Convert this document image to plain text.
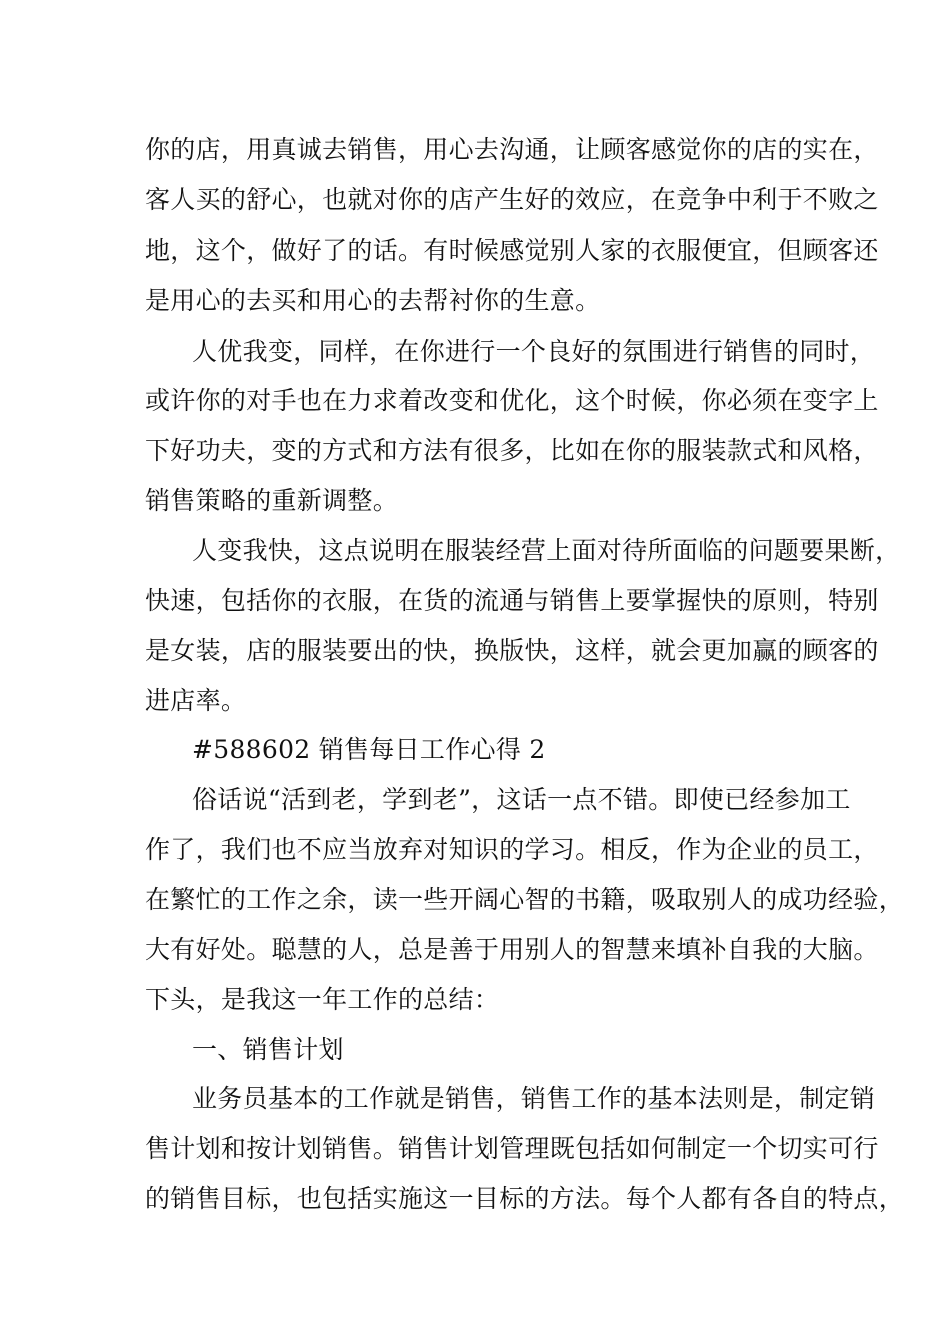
你的店，用真诚去销售，用心去沟通，让顾客感觉你的店的实在，
客人买的舒心，也就对你的店产生好的效应，在竞争中利于不败之
地，这个，做好了的话。有时候感觉别人家的衣服便宜，但顾客还
是用心的去买和用心的去帮衬你的生意。
人优我变，同样，在你进行一个良好的氛围进行销售的同时，
或许你的对手也在力求着改变和优化，这个时候，你必须在变字上
下好功夫，变的方式和方法有很多，比如在你的服装款式和风格，
销售策略的重新调整。
人变我快，这点说明在服装经营上面对待所面临的问题要果断，
快速，包括你的衣服，在货的流通与销售上要掌握快的原则，特别
是女装，店的服装要出的快，换版快，这样，就会更加赢的顾客的
进店率。
#588602 销售每日工作心得 2
俗话说“活到老，学到老”，这话一点不错。即使已经参加工
作了，我们也不应当放弃对知识的学习。相反，作为企业的员工，
在繁忙的工作之余，读一些开阔心智的书籍，吸取别人的成功经验，
大有好处。聪慧的人，总是善于用别人的智慧来填补自我的大脑。
下头，是我这一年工作的总结：
一、销售计划
业务员基本的工作就是销售，销售工作的基本法则是，制定销
售计划和按计划销售。销售计划管理既包括如何制定一个切实可行
的销售目标，也包括实施这一目标的方法。每个人都有各自的特点，
